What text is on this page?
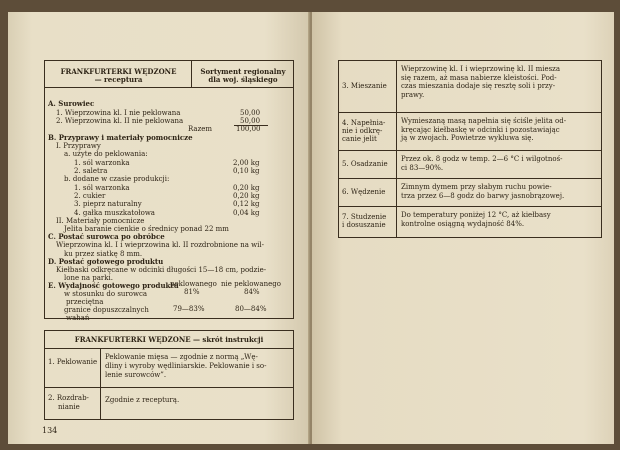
FRANKFURTERKI WĘDZONE
— receptura
Sortyment regionalny
dla woj. śląskiego
A. Surowiec
1. Wieprzowina kl. I nie peklowana
2. Wieprzowina kl. II nie peklowana
Razem
B. Przyprawy i materiały pomocnicze
I. Przyprawy
a. użyte do peklowania:
1. sól warzonka
2. saletra
b. dodane w czasie produkcji:
1. sól warzonka
2. cukier
3. pieprz naturalny
4. gałka muszkatołowa
II. Materiały pomocnicze
Jelita baranie cienkie o średnicy ponad 22 mm
C. Postać surowca po obróbce
Wieprzowina kl. I i wieprzowina kl. II rozdrobnione na wil-
ku przez siatkę 8 mm.
D. Postać gotowego produktu
Kiełbaski odkręcane w odcinki długości 15—18 cm, podzie-
lone na parki.
E. Wydajność gotowego produktu
w stosunku do surowca
przeciętna
granice dopuszczalnych
wahań
50,00
50,00
100,00
2,00 kg
0,10 kg
0,20 kg
0,20 kg
0,12 kg
0,04 kg
peklowanego nie peklowanego
81%	84%
79—83%	80—84%
FRANKFURTERKI WĘDZONE — skrót instrukcji
1. Peklowanie
Peklowanie mięsa — zgodnie z normą „Wę-
dliny i wyroby wędliniarskie. Peklowanie i so-
lenie surowców”.
2. Rozdrab-
nianie
Zgodnie z recepturą.
134
3. Mieszanie
Wieprzowinę kl. I i wieprzowinę kl. II miesza
się razem, aż masa nabierze kleistości. Pod-
czas mieszania dodaje się resztę soli i przy-
prawy.
4. Napełnia-
nie i odkrę-
canie jelit
Wymieszaną masą napełnia się ściśle jelita od-
kręcając kiełbaskę w odcinki i pozostawiając
ją w zwojach. Powietrze wykluwa się.
5. Osadzanie
Przez ok. 8 godz w temp. 2—6 °C i wilgotnoś-
ci 83—90%.
6. Wędzenie
Zimnym dymem przy słabym ruchu powie-
trza przez 6—8 godz do barwy jasnobrązowej.
7. Studzenie
i dosuszanie
Do temperatury poniżej 12 °C, aż kiełbasy
kontrolne osiągną wydajność 84%.
